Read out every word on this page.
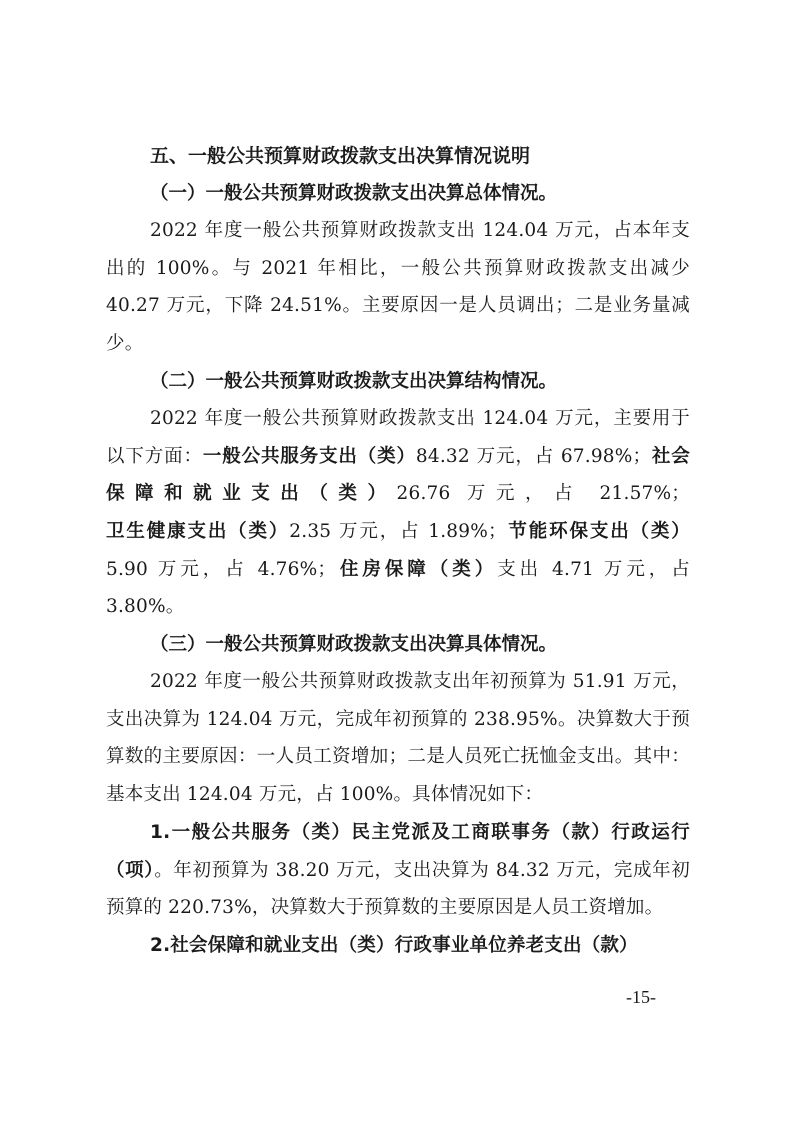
五、一般公共预算财政拨款支出决算情况说明

（一）一般公共预算财政拨款支出决算总体情况。

2022 年度一般公共预算财政拨款支出 124.04 万元，占本年支出的 100%。与 2021 年相比，一般公共预算财政拨款支出减少 40.27 万元，下降 24.51%。主要原因一是人员调出；二是业务量减少。

（二）一般公共预算财政拨款支出决算结构情况。

2022 年度一般公共预算财政拨款支出 124.04 万元，主要用于以下方面：一般公共服务支出（类）84.32 万元，占 67.98%；社会保障和就业支出（类）26.76 万元，占 21.57%；卫生健康支出（类）2.35 万元，占 1.89%；节能环保支出（类）5.90 万元，占 4.76%；住房保障（类）支出 4.71 万元，占 3.80%。

（三）一般公共预算财政拨款支出决算具体情况。

2022 年度一般公共预算财政拨款支出年初预算为 51.91 万元，支出决算为 124.04 万元，完成年初预算的 238.95%。决算数大于预算数的主要原因：一人员工资增加；二是人员死亡抚恤金支出。其中：基本支出 124.04 万元，占 100%。具体情况如下：

1.一般公共服务（类）民主党派及工商联事务（款）行政运行（项）。年初预算为 38.20 万元，支出决算为 84.32 万元，完成年初预算的 220.73%，决算数大于预算数的主要原因是人员工资增加。

2.社会保障和就业支出（类）行政事业单位养老支出（款）

-15-
